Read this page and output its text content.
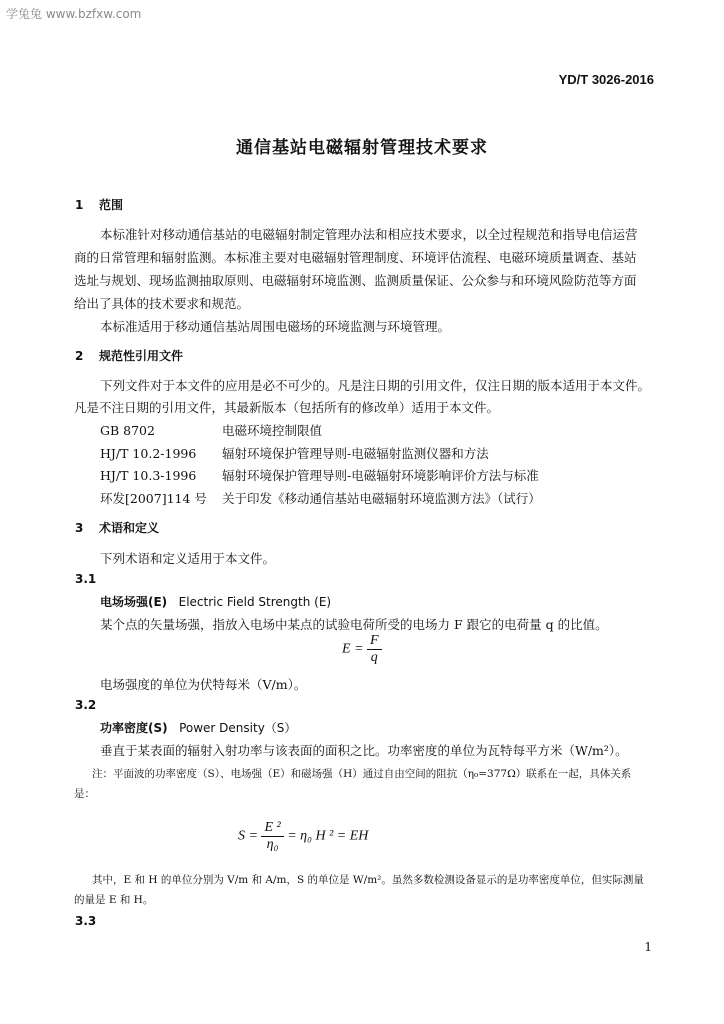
学兔兔 www.bzfxw.com
YD/T 3026-2016
通信基站电磁辐射管理技术要求
1 范围
本标准针对移动通信基站的电磁辐射制定管理办法和相应技术要求，以全过程规范和指导电信运营
商的日常管理和辐射监测。本标准主要对电磁辐射管理制度、环境评估流程、电磁环境质量调查、基站
选址与规划、现场监测抽取原则、电磁辐射环境监测、监测质量保证、公众参与和环境风险防范等方面
给出了具体的技术要求和规范。
本标准适用于移动通信基站周围电磁场的环境监测与环境管理。
2 规范性引用文件
下列文件对于本文件的应用是必不可少的。凡是注日期的引用文件，仅注日期的版本适用于本文件。
凡是不注日期的引用文件，其最新版本（包括所有的修改单）适用于本文件。
GB 8702	电磁环境控制限值
HJ/T 10.2-1996 辐射环境保护管理导则-电磁辐射监测仪器和方法
HJ/T 10.3-1996 辐射环境保护管理导则-电磁辐射环境影响评价方法与标准
环发[2007]114 号 关于印发《移动通信基站电磁辐射环境监测方法》（试行）
3 术语和定义
下列术语和定义适用于本文件。
3.1
电场场强(E) Electric Field Strength (E)
某个点的矢量场强，指放入电场中某点的试验电荷所受的电场力 F 跟它的电荷量 q 的比值。
$E = \frac{F}{q}$
电场强度的单位为伏特每米（V/m）。
3.2
功率密度(S) Power Density（S）
垂直于某表面的辐射入射功率与该表面的面积之比。功率密度的单位为瓦特每平方米（W/m²）。
注：平面波的功率密度（S）、电场强（E）和磁场强（H）通过自由空间的阻抗（η₀=377Ω）联系在一起，具体关系
是：
$S = \frac{\text{E ²}}{\text{η₀}} = \eta_0$ H ² = EH
其中，E 和 H 的单位分别为 V/m 和 A/m，S 的单位是 W/m²。虽然多数检测设备显示的是功率密度单位，但实际测量
的量是 E 和 H。
3.3
1
